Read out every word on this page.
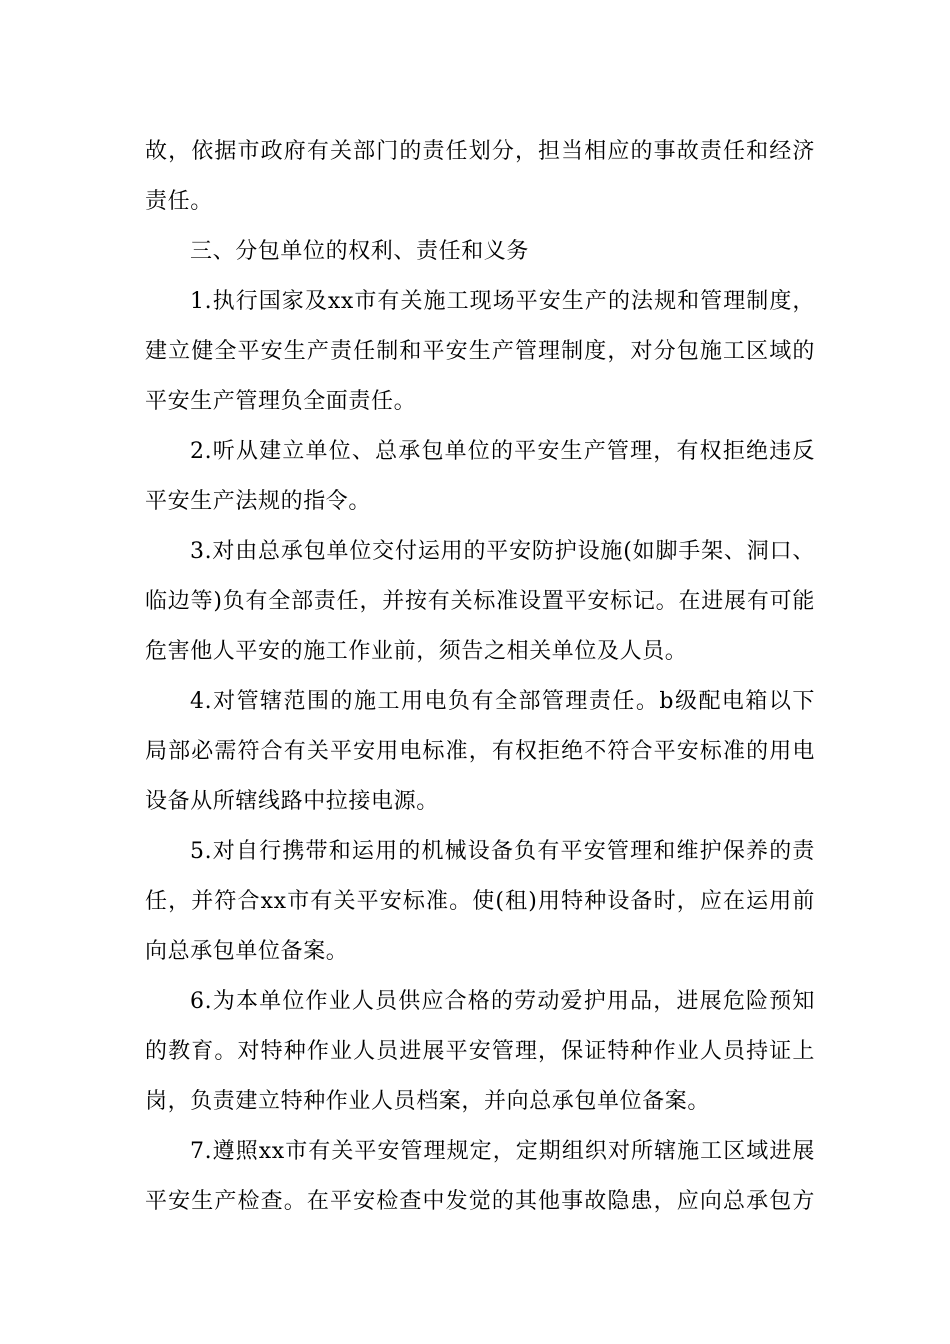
故，依据市政府有关部门的责任划分，担当相应的事故责任和经济
责任。
三、分包单位的权利、责任和义务
1.执行国家及xx市有关施工现场平安生产的法规和管理制度，
建立健全平安生产责任制和平安生产管理制度，对分包施工区域的
平安生产管理负全面责任。
2.听从建立单位、总承包单位的平安生产管理，有权拒绝违反
平安生产法规的指令。
3.对由总承包单位交付运用的平安防护设施(如脚手架、洞口、
临边等)负有全部责任，并按有关标准设置平安标记。在进展有可能
危害他人平安的施工作业前，须告之相关单位及人员。
4.对管辖范围的施工用电负有全部管理责任。b级配电箱以下
局部必需符合有关平安用电标准，有权拒绝不符合平安标准的用电
设备从所辖线路中拉接电源。
5.对自行携带和运用的机械设备负有平安管理和维护保养的责
任，并符合xx市有关平安标准。使(租)用特种设备时，应在运用前
向总承包单位备案。
6.为本单位作业人员供应合格的劳动爱护用品，进展危险预知
的教育。对特种作业人员进展平安管理，保证特种作业人员持证上
岗，负责建立特种作业人员档案，并向总承包单位备案。
7.遵照xx市有关平安管理规定，定期组织对所辖施工区域进展
平安生产检查。在平安检查中发觉的其他事故隐患，应向总承包方
